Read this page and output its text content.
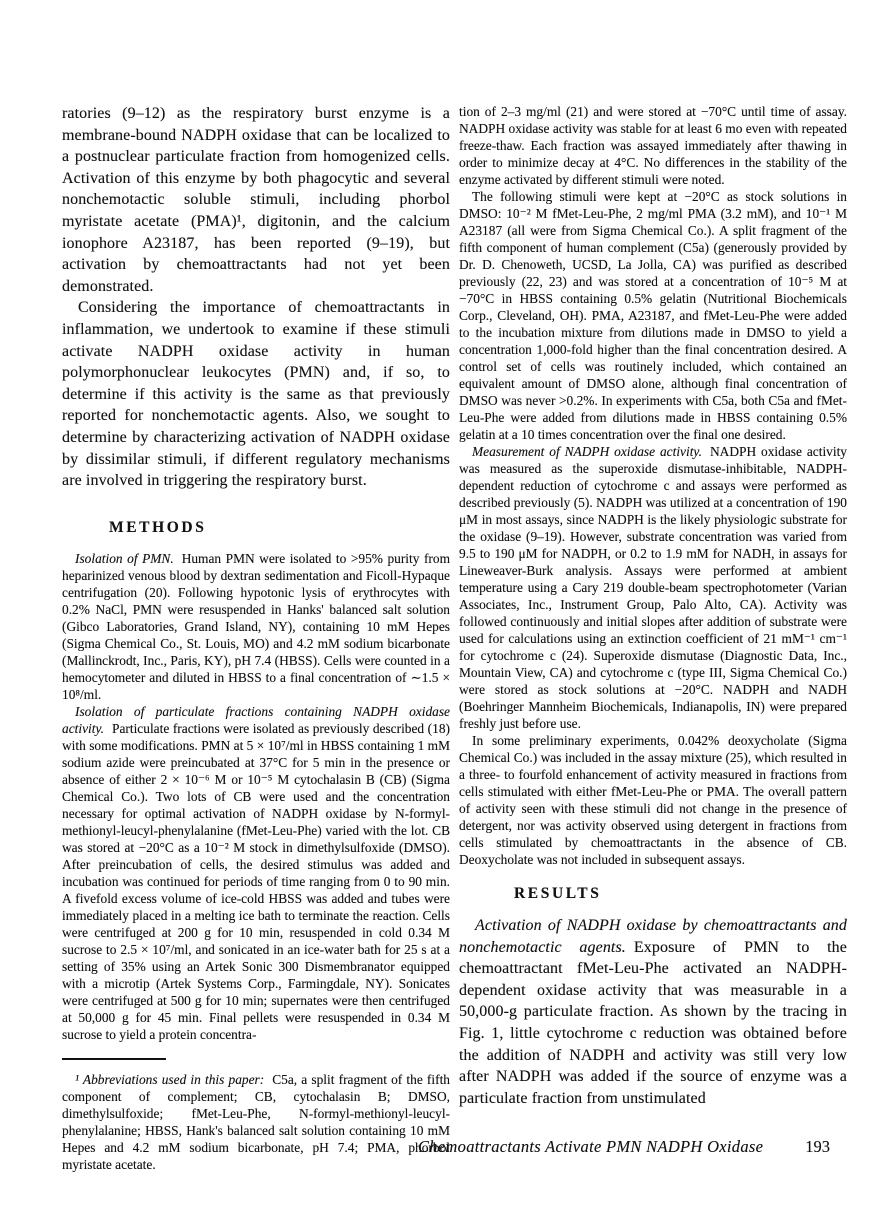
ratories (9–12) as the respiratory burst enzyme is a membrane-bound NADPH oxidase that can be localized to a postnuclear particulate fraction from homogenized cells. Activation of this enzyme by both phagocytic and several nonchemotactic soluble stimuli, including phorbol myristate acetate (PMA)¹, digitonin, and the calcium ionophore A23187, has been reported (9–19), but activation by chemoattractants had not yet been demonstrated.

Considering the importance of chemoattractants in inflammation, we undertook to examine if these stimuli activate NADPH oxidase activity in human polymorphonuclear leukocytes (PMN) and, if so, to determine if this activity is the same as that previously reported for nonchemotactic agents. Also, we sought to determine by characterizing activation of NADPH oxidase by dissimilar stimuli, if different regulatory mechanisms are involved in triggering the respiratory burst.

METHODS

Isolation of PMN. Human PMN were isolated to >95% purity from heparinized venous blood by dextran sedimentation and Ficoll-Hypaque centrifugation (20). Following hypotonic lysis of erythrocytes with 0.2% NaCl, PMN were resuspended in Hanks' balanced salt solution (Gibco Laboratories, Grand Island, NY), containing 10 mM Hepes (Sigma Chemical Co., St. Louis, MO) and 4.2 mM sodium bicarbonate (Mallinckrodt, Inc., Paris, KY), pH 7.4 (HBSS). Cells were counted in a hemocytometer and diluted in HBSS to a final concentration of ∼1.5 × 10⁸/ml.

Isolation of particulate fractions containing NADPH oxidase activity. Particulate fractions were isolated as previously described (18) with some modifications. PMN at 5 × 10⁷/ml in HBSS containing 1 mM sodium azide were preincubated at 37°C for 5 min in the presence or absence of either 2 × 10⁻⁶ M or 10⁻⁵ M cytochalasin B (CB) (Sigma Chemical Co.). Two lots of CB were used and the concentration necessary for optimal activation of NADPH oxidase by N-formyl-methionyl-leucyl-phenylalanine (fMet-Leu-Phe) varied with the lot. CB was stored at −20°C as a 10⁻² M stock in dimethylsulfoxide (DMSO). After preincubation of cells, the desired stimulus was added and incubation was continued for periods of time ranging from 0 to 90 min. A fivefold excess volume of ice-cold HBSS was added and tubes were immediately placed in a melting ice bath to terminate the reaction. Cells were centrifuged at 200 g for 10 min, resuspended in cold 0.34 M sucrose to 2.5 × 10⁷/ml, and sonicated in an ice-water bath for 25 s at a setting of 35% using an Artek Sonic 300 Dismembranator equipped with a microtip (Artek Systems Corp., Farmingdale, NY). Sonicates were centrifuged at 500 g for 10 min; supernates were then centrifuged at 50,000 g for 45 min. Final pellets were resuspended in 0.34 M sucrose to yield a protein concentra-

¹ Abbreviations used in this paper: C5a, a split fragment of the fifth component of complement; CB, cytochalasin B; DMSO, dimethylsulfoxide; fMet-Leu-Phe, N-formyl-methionyl-leucyl-phenylalanine; HBSS, Hank's balanced salt solution containing 10 mM Hepes and 4.2 mM sodium bicarbonate, pH 7.4; PMA, phorbol myristate acetate.

tion of 2–3 mg/ml (21) and were stored at −70°C until time of assay. NADPH oxidase activity was stable for at least 6 mo even with repeated freeze-thaw. Each fraction was assayed immediately after thawing in order to minimize decay at 4°C. No differences in the stability of the enzyme activated by different stimuli were noted.

The following stimuli were kept at −20°C as stock solutions in DMSO: 10⁻² M fMet-Leu-Phe, 2 mg/ml PMA (3.2 mM), and 10⁻¹ M A23187 (all were from Sigma Chemical Co.). A split fragment of the fifth component of human complement (C5a) (generously provided by Dr. D. Chenoweth, UCSD, La Jolla, CA) was purified as described previously (22, 23) and was stored at a concentration of 10⁻⁵ M at −70°C in HBSS containing 0.5% gelatin (Nutritional Biochemicals Corp., Cleveland, OH). PMA, A23187, and fMet-Leu-Phe were added to the incubation mixture from dilutions made in DMSO to yield a concentration 1,000-fold higher than the final concentration desired. A control set of cells was routinely included, which contained an equivalent amount of DMSO alone, although final concentration of DMSO was never >0.2%. In experiments with C5a, both C5a and fMet-Leu-Phe were added from dilutions made in HBSS containing 0.5% gelatin at a 10 times concentration over the final one desired.

Measurement of NADPH oxidase activity. NADPH oxidase activity was measured as the superoxide dismutase-inhibitable, NADPH-dependent reduction of cytochrome c and assays were performed as described previously (5). NADPH was utilized at a concentration of 190 μM in most assays, since NADPH is the likely physiologic substrate for the oxidase (9–19). However, substrate concentration was varied from 9.5 to 190 μM for NADPH, or 0.2 to 1.9 mM for NADH, in assays for Lineweaver-Burk analysis. Assays were performed at ambient temperature using a Cary 219 double-beam spectrophotometer (Varian Associates, Inc., Instrument Group, Palo Alto, CA). Activity was followed continuously and initial slopes after addition of substrate were used for calculations using an extinction coefficient of 21 mM⁻¹ cm⁻¹ for cytochrome c (24). Superoxide dismutase (Diagnostic Data, Inc., Mountain View, CA) and cytochrome c (type III, Sigma Chemical Co.) were stored as stock solutions at −20°C. NADPH and NADH (Boehringer Mannheim Biochemicals, Indianapolis, IN) were prepared freshly just before use.

In some preliminary experiments, 0.042% deoxycholate (Sigma Chemical Co.) was included in the assay mixture (25), which resulted in a three- to fourfold enhancement of activity measured in fractions from cells stimulated with either fMet-Leu-Phe or PMA. The overall pattern of activity seen with these stimuli did not change in the presence of detergent, nor was activity observed using detergent in fractions from cells stimulated by chemoattractants in the absence of CB. Deoxycholate was not included in subsequent assays.

RESULTS

Activation of NADPH oxidase by chemoattractants and nonchemotactic agents. Exposure of PMN to the chemoattractant fMet-Leu-Phe activated an NADPH-dependent oxidase activity that was measurable in a 50,000-g particulate fraction. As shown by the tracing in Fig. 1, little cytochrome c reduction was obtained before the addition of NADPH and activity was still very low after NADPH was added if the source of enzyme was a particulate fraction from unstimulated

Chemoattractants Activate PMN NADPH Oxidase	193
